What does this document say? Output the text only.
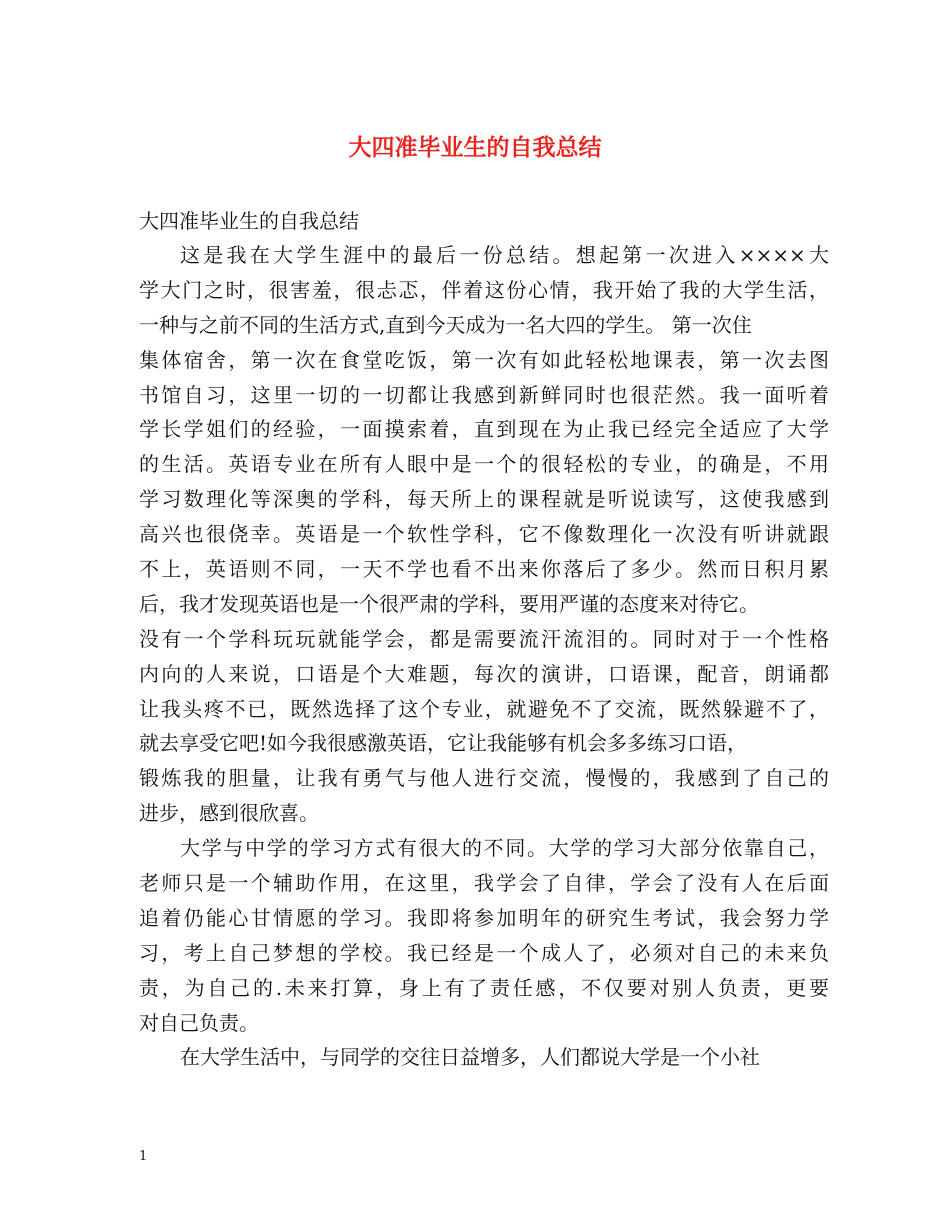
大四准毕业生的自我总结

大四准毕业生的自我总结

这是我在大学生涯中的最后一份总结。想起第一次进入××××大
学大门之时，很害羞，很忐忑，伴着这份心情，我开始了我的大学生活，
一种与之前不同的生活方式,直到今天成为一名大四的学生。 第一次住
集体宿舍，第一次在食堂吃饭，第一次有如此轻松地课表，第一次去图
书馆自习，这里一切的一切都让我感到新鲜同时也很茫然。我一面听着
学长学姐们的经验，一面摸索着，直到现在为止我已经完全适应了大学
的生活。英语专业在所有人眼中是一个的很轻松的专业，的确是，不用
学习数理化等深奥的学科，每天所上的课程就是听说读写，这使我感到
高兴也很侥幸。英语是一个软性学科，它不像数理化一次没有听讲就跟
不上，英语则不同，一天不学也看不出来你落后了多少。然而日积月累
后，我才发现英语也是一个很严肃的学科，要用严谨的态度来对待它。
没有一个学科玩玩就能学会，都是需要流汗流泪的。同时对于一个性格
内向的人来说，口语是个大难题，每次的演讲，口语课，配音，朗诵都
让我头疼不已，既然选择了这个专业，就避免不了交流，既然躲避不了，
就去享受它吧!如今我很感激英语，它让我能够有机会多多练习口语，
锻炼我的胆量，让我有勇气与他人进行交流，慢慢的，我感到了自己的
进步，感到很欣喜。
大学与中学的学习方式有很大的不同。大学的学习大部分依靠自己，
老师只是一个辅助作用，在这里，我学会了自律，学会了没有人在后面
追着仍能心甘情愿的学习。我即将参加明年的研究生考试，我会努力学
习，考上自己梦想的学校。我已经是一个成人了，必须对自己的未来负
责，为自己的.未来打算，身上有了责任感，不仅要对别人负责，更要
对自己负责。
在大学生活中，与同学的交往日益增多，人们都说大学是一个小社

1
